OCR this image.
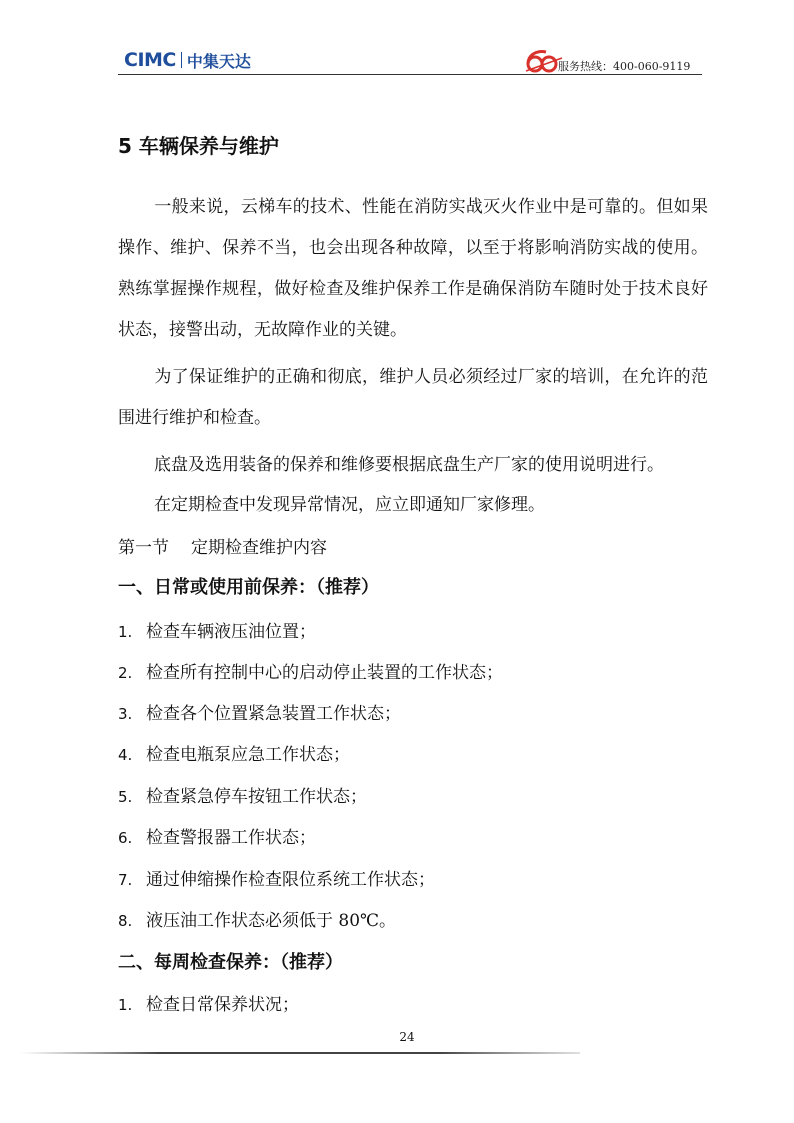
CIMC 中集天达	服务热线：400-060-9119
5 车辆保养与维护
一般来说，云梯车的技术、性能在消防实战灭火作业中是可靠的。但如果操作、维护、保养不当，也会出现各种故障，以至于将影响消防实战的使用。熟练掌握操作规程，做好检查及维护保养工作是确保消防车随时处于技术良好状态，接警出动，无故障作业的关键。
为了保证维护的正确和彻底，维护人员必须经过厂家的培训，在允许的范围进行维护和检查。
底盘及选用装备的保养和维修要根据底盘生产厂家的使用说明进行。
在定期检查中发现异常情况，应立即通知厂家修理。
第一节 定期检查维护内容
一、日常或使用前保养：（推荐）
1. 检查车辆液压油位置；
2. 检查所有控制中心的启动停止装置的工作状态；
3. 检查各个位置紧急装置工作状态；
4. 检查电瓶泵应急工作状态；
5. 检查紧急停车按钮工作状态；
6. 检查警报器工作状态；
7. 通过伸缩操作检查限位系统工作状态；
8. 液压油工作状态必须低于 80℃。
二、每周检查保养：（推荐）
1. 检查日常保养状况；
24
